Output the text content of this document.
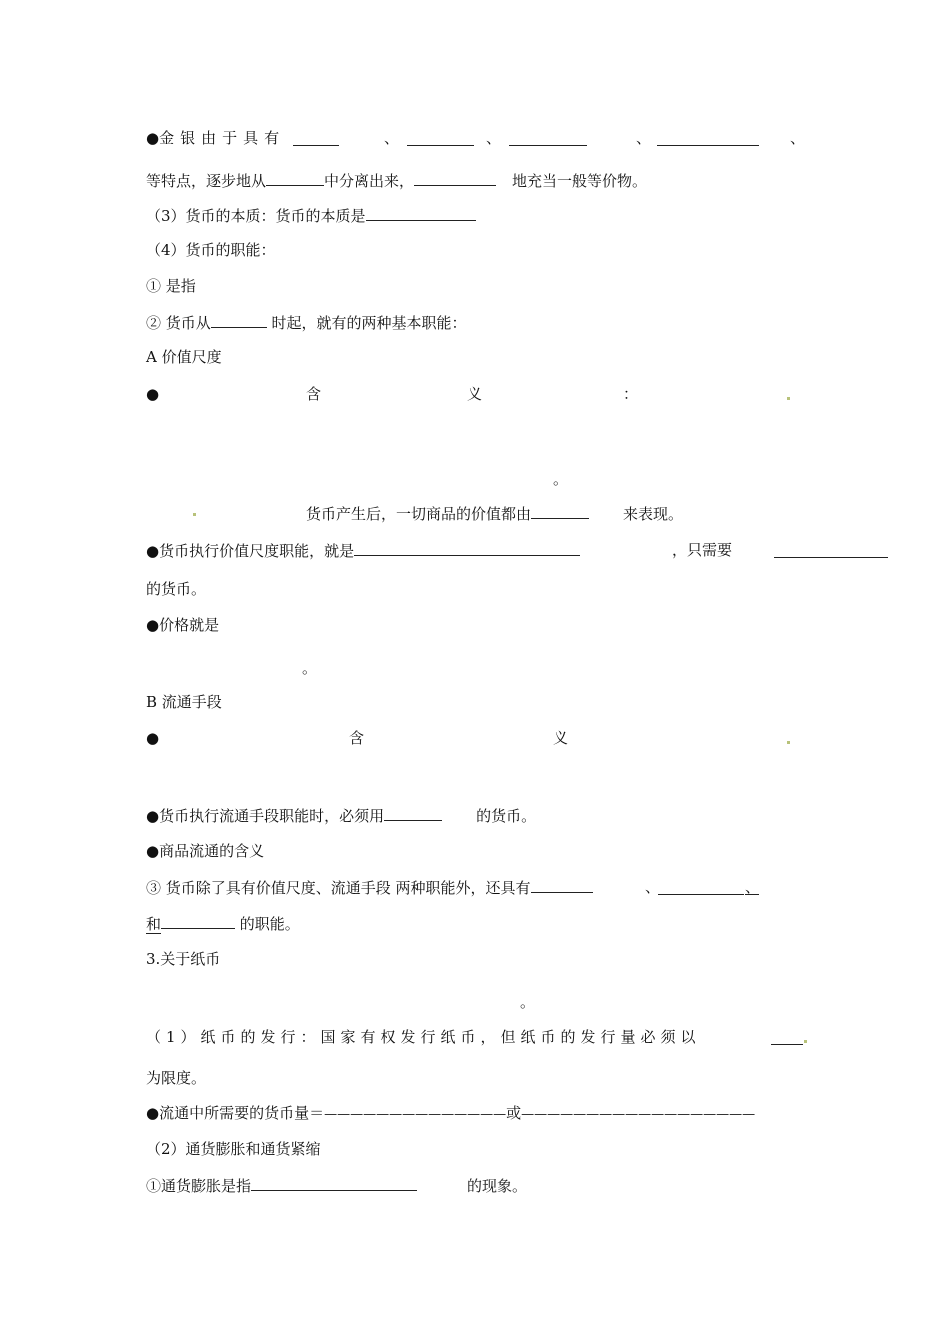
●金银由于具有	、	、	、	、
等特点，逐步地从	中分离出来，	地充当一般等价物。
（3）货币的本质：货币的本质是
（4）货币的职能：
① 是指
② 货币从	时起，就有的两种基本职能：
A 价值尺度
●	含	义	：
。
货币产生后，一切商品的价值都由	来表现。
●货币执行价值尺度职能，就是	，只需要
的货币。
●价格就是
。
B 流通手段
●	含	义
●货币执行流通手段职能时，必须用	的货币。
●商品流通的含义
③ 货币除了具有价值尺度、流通手段 两种职能外，还具有	、	、
和	的职能。
3.关于纸币
。
（1）纸币的发行：国家有权发行纸币，但纸币的发行量必须以
为限度。
●流通中所需要的货币量＝——————————————或——————————————————
（2）通货膨胀和通货紧缩
①通货膨胀是指	的现象。
